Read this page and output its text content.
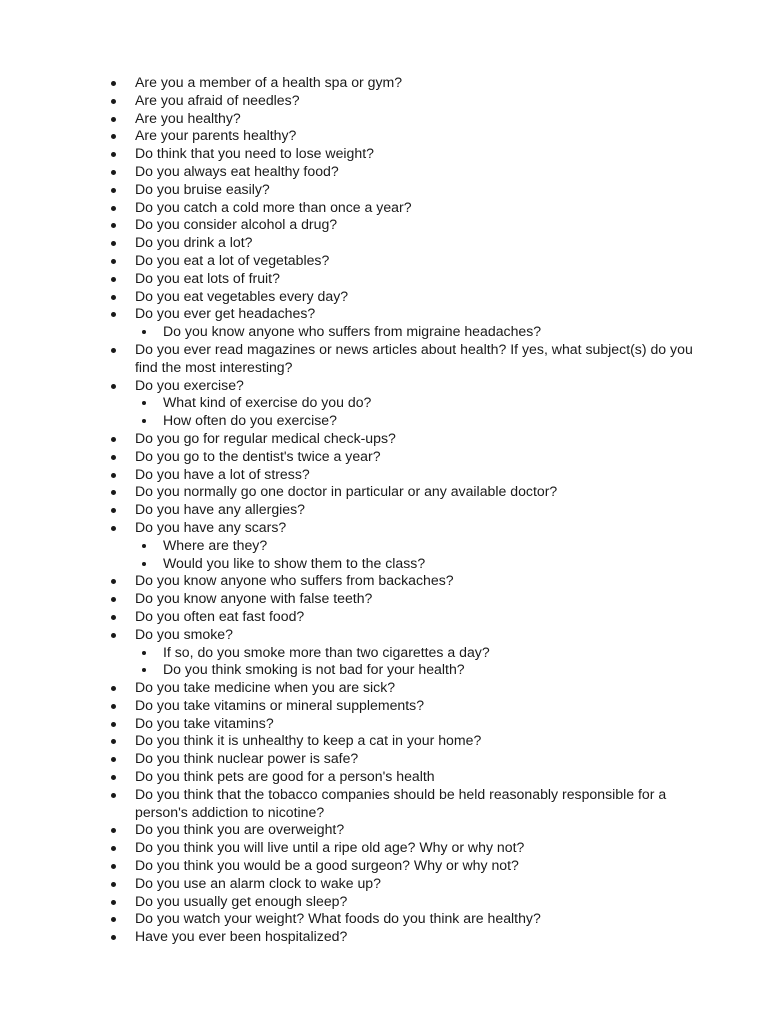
Are you a member of a health spa or gym?
Are you afraid of needles?
Are you healthy?
Are your parents healthy?
Do think that you need to lose weight?
Do you always eat healthy food?
Do you bruise easily?
Do you catch a cold more than once a year?
Do you consider alcohol a drug?
Do you drink a lot?
Do you eat a lot of vegetables?
Do you eat lots of fruit?
Do you eat vegetables every day?
Do you ever get headaches?
Do you know anyone who suffers from migraine headaches?
Do you ever read magazines or news articles about health? If yes, what subject(s) do you find the most interesting?
Do you exercise?
What kind of exercise do you do?
How often do you exercise?
Do you go for regular medical check-ups?
Do you go to the dentist's twice a year?
Do you have a lot of stress?
Do you normally go one doctor in particular or any available doctor?
Do you have any allergies?
Do you have any scars?
Where are they?
Would you like to show them to the class?
Do you know anyone who suffers from backaches?
Do you know anyone with false teeth?
Do you often eat fast food?
Do you smoke?
If so, do you smoke more than two cigarettes a day?
Do you think smoking is not bad for your health?
Do you take medicine when you are sick?
Do you take vitamins or mineral supplements?
Do you take vitamins?
Do you think it is unhealthy to keep a cat in your home?
Do you think nuclear power is safe?
Do you think pets are good for a person's health
Do you think that the tobacco companies should be held reasonably responsible for a person's addiction to nicotine?
Do you think you are overweight?
Do you think you will live until a ripe old age? Why or why not?
Do you think you would be a good surgeon? Why or why not?
Do you use an alarm clock to wake up?
Do you usually get enough sleep?
Do you watch your weight? What foods do you think are healthy?
Have you ever been hospitalized?
